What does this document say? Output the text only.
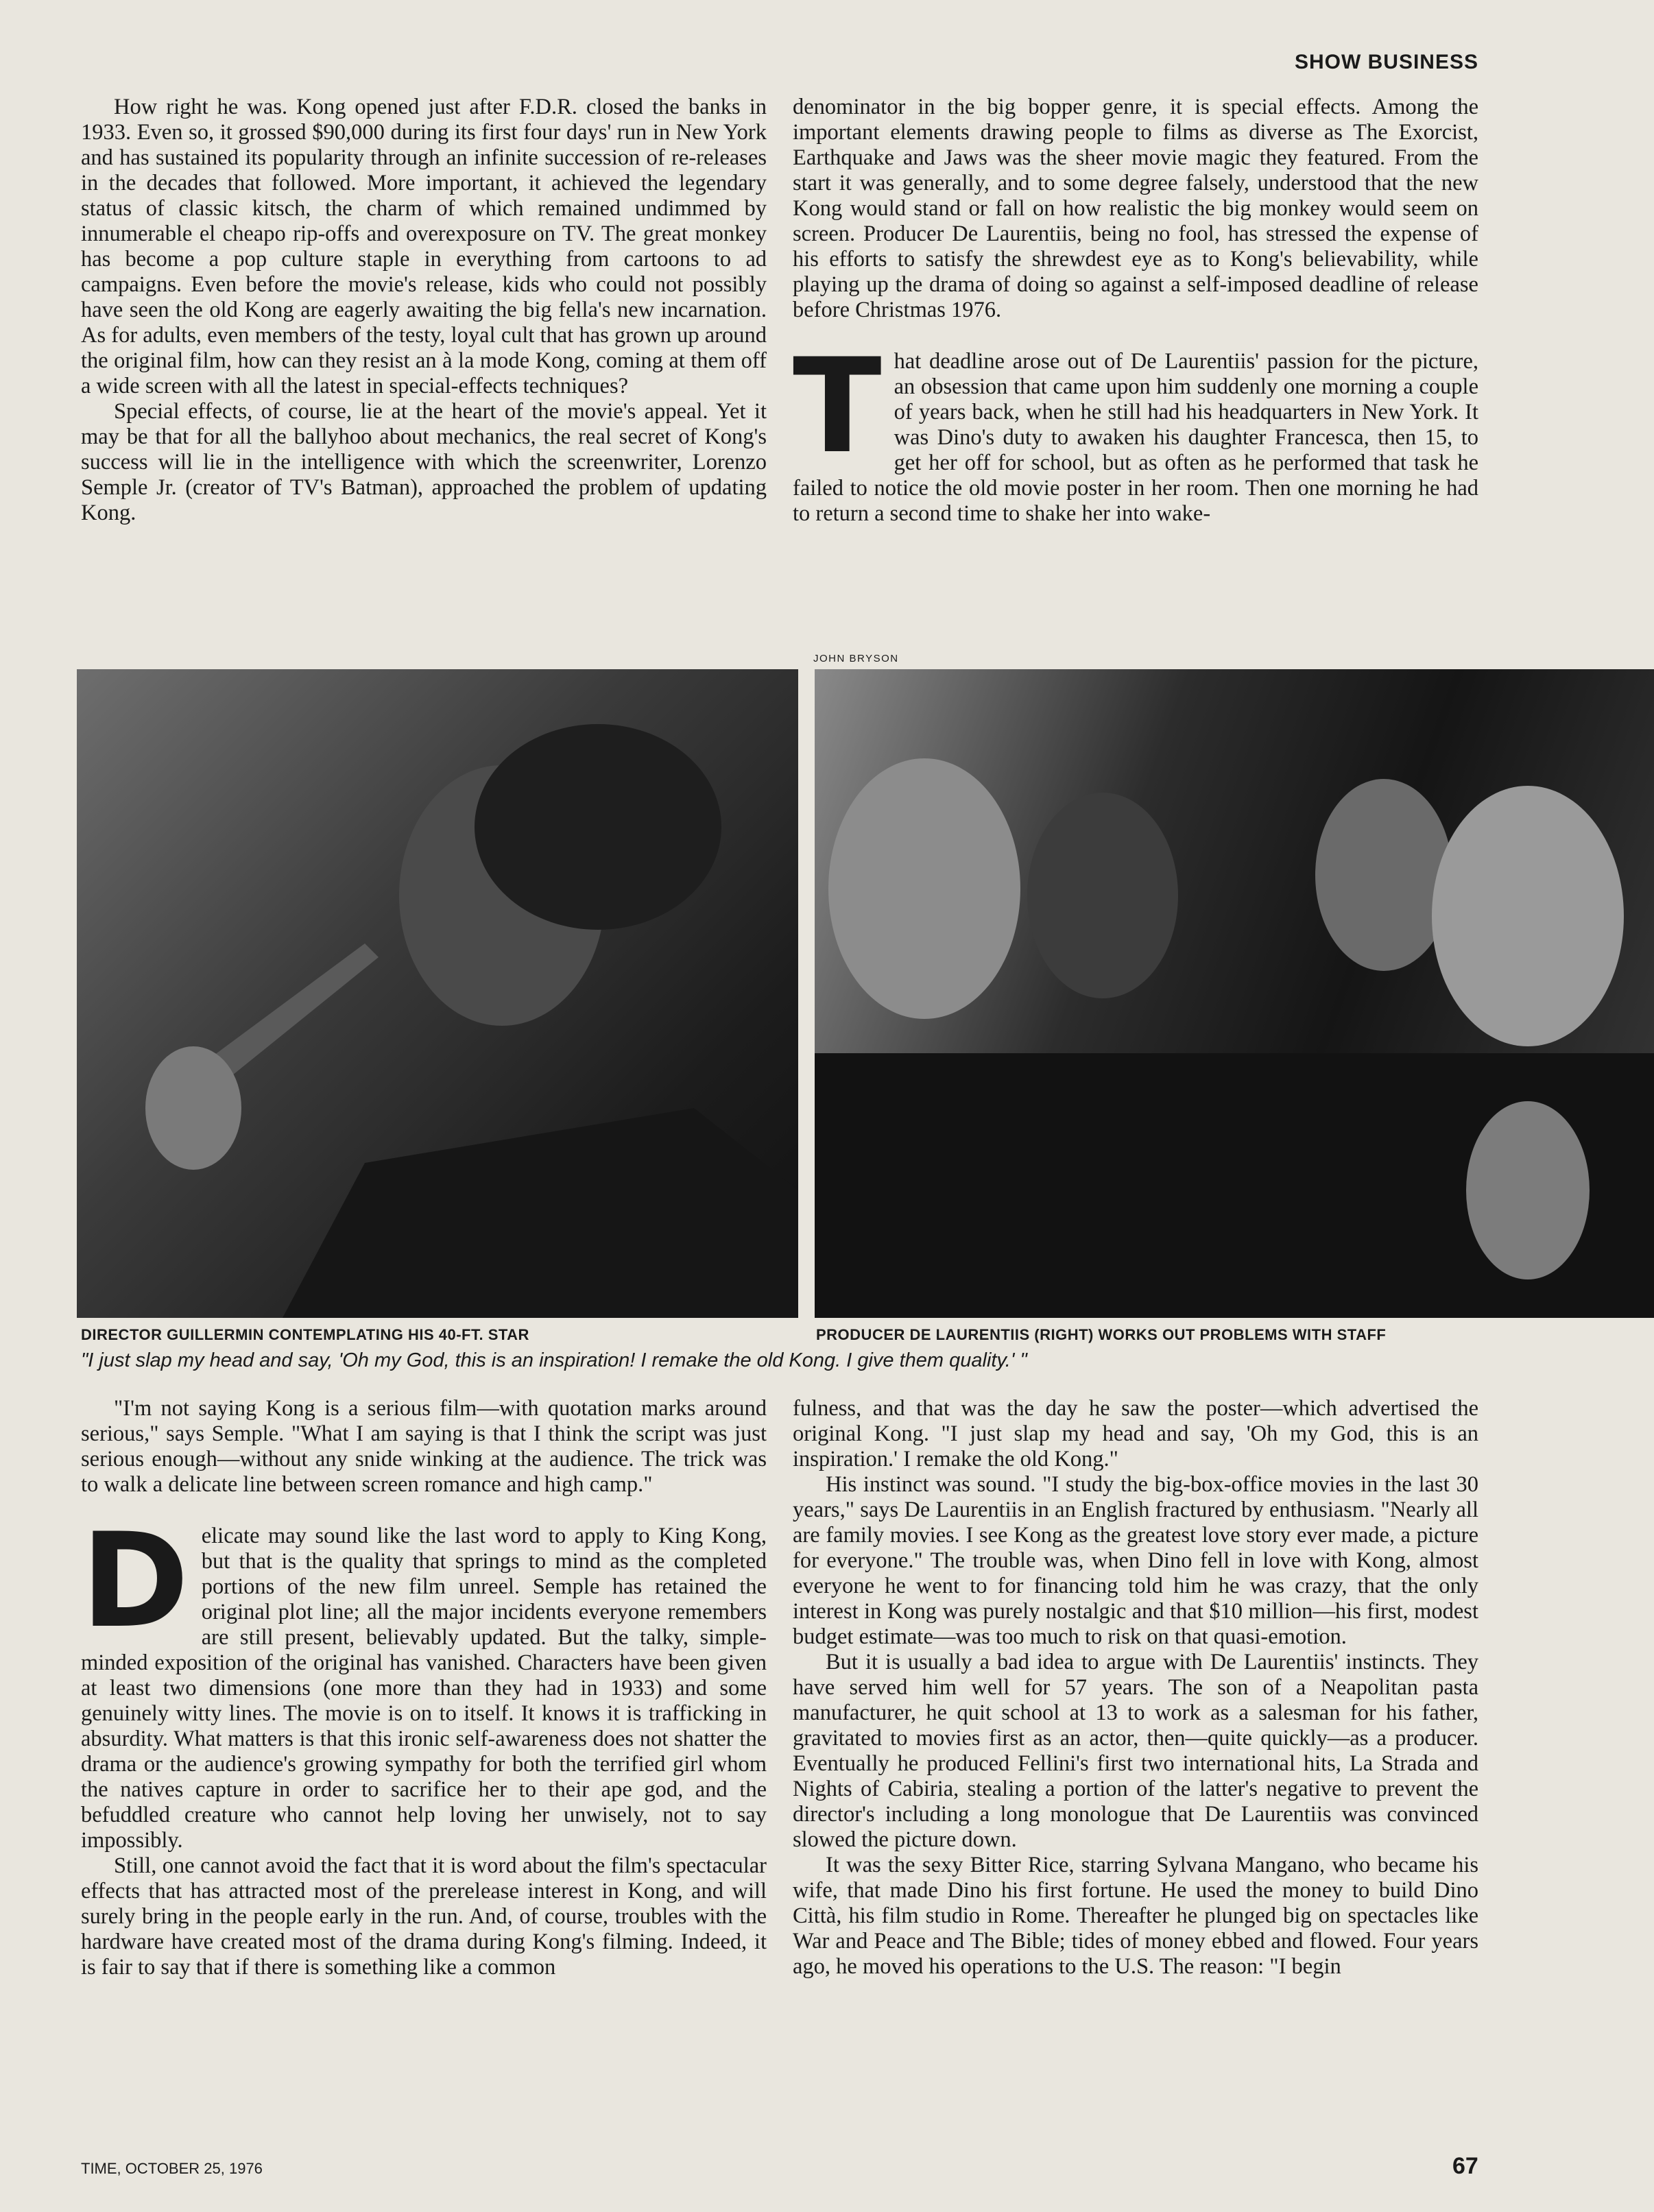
SHOW BUSINESS

How right he was. Kong opened just after F.D.R. closed the banks in 1933. Even so, it grossed $90,000 during its first four days' run in New York and has sustained its popularity through an infinite succession of re-releases in the decades that followed. More important, it achieved the legendary status of classic kitsch, the charm of which remained undimmed by innumerable el cheapo rip-offs and overexposure on TV. The great monkey has become a pop culture staple in everything from cartoons to ad campaigns. Even before the movie's release, kids who could not possibly have seen the old Kong are eagerly awaiting the big fella's new incarnation. As for adults, even members of the testy, loyal cult that has grown up around the original film, how can they resist an à la mode Kong, coming at them off a wide screen with all the latest in special-effects techniques?

Special effects, of course, lie at the heart of the movie's appeal. Yet it may be that for all the ballyhoo about mechanics, the real secret of Kong's success will lie in the intelligence with which the screenwriter, Lorenzo Semple Jr. (creator of TV's Batman), approached the problem of updating Kong.

denominator in the big bopper genre, it is special effects. Among the important elements drawing people to films as diverse as The Exorcist, Earthquake and Jaws was the sheer movie magic they featured. From the start it was generally, and to some degree falsely, understood that the new Kong would stand or fall on how realistic the big monkey would seem on screen. Producer De Laurentiis, being no fool, has stressed the expense of his efforts to satisfy the shrewdest eye as to Kong's believability, while playing up the drama of doing so against a self-imposed deadline of release before Christmas 1976.

That deadline arose out of De Laurentiis' passion for the picture, an obsession that came upon him suddenly one morning a couple of years back, when he still had his headquarters in New York. It was Dino's duty to awaken his daughter Francesca, then 15, to get her off for school, but as often as he performed that task he failed to notice the old movie poster in her room. Then one morning he had to return a second time to shake her into wake-

JOHN BRYSON
DIRECTOR GUILLERMIN CONTEMPLATING HIS 40-FT. STAR	PRODUCER DE LAURENTIIS (RIGHT) WORKS OUT PROBLEMS WITH STAFF
"I just slap my head and say, 'Oh my God, this is an inspiration! I remake the old Kong. I give them quality.' "

"I'm not saying Kong is a serious film—with quotation marks around serious," says Semple. "What I am saying is that I think the script was just serious enough—without any snide winking at the audience. The trick was to walk a delicate line between screen romance and high camp."

Delicate may sound like the last word to apply to King Kong, but that is the quality that springs to mind as the completed portions of the new film unreel. Semple has retained the original plot line; all the major incidents everyone remembers are still present, believably updated. But the talky, simple-minded exposition of the original has vanished. Characters have been given at least two dimensions (one more than they had in 1933) and some genuinely witty lines. The movie is on to itself. It knows it is trafficking in absurdity. What matters is that this ironic self-awareness does not shatter the drama or the audience's growing sympathy for both the terrified girl whom the natives capture in order to sacrifice her to their ape god, and the befuddled creature who cannot help loving her unwisely, not to say impossibly.

Still, one cannot avoid the fact that it is word about the film's spectacular effects that has attracted most of the prerelease interest in Kong, and will surely bring in the people early in the run. And, of course, troubles with the hardware have created most of the drama during Kong's filming. Indeed, it is fair to say that if there is something like a common

fulness, and that was the day he saw the poster—which advertised the original Kong. "I just slap my head and say, 'Oh my God, this is an inspiration.' I remake the old Kong."

His instinct was sound. "I study the big-box-office movies in the last 30 years," says De Laurentiis in an English fractured by enthusiasm. "Nearly all are family movies. I see Kong as the greatest love story ever made, a picture for everyone." The trouble was, when Dino fell in love with Kong, almost everyone he went to for financing told him he was crazy, that the only interest in Kong was purely nostalgic and that $10 million—his first, modest budget estimate—was too much to risk on that quasi-emotion.

But it is usually a bad idea to argue with De Laurentiis' instincts. They have served him well for 57 years. The son of a Neapolitan pasta manufacturer, he quit school at 13 to work as a salesman for his father, gravitated to movies first as an actor, then—quite quickly—as a producer. Eventually he produced Fellini's first two international hits, La Strada and Nights of Cabiria, stealing a portion of the latter's negative to prevent the director's including a long monologue that De Laurentiis was convinced slowed the picture down.

It was the sexy Bitter Rice, starring Sylvana Mangano, who became his wife, that made Dino his first fortune. He used the money to build Dino Città, his film studio in Rome. Thereafter he plunged big on spectacles like War and Peace and The Bible; tides of money ebbed and flowed. Four years ago, he moved his operations to the U.S. The reason: "I begin

TIME, OCTOBER 25, 1976	67
